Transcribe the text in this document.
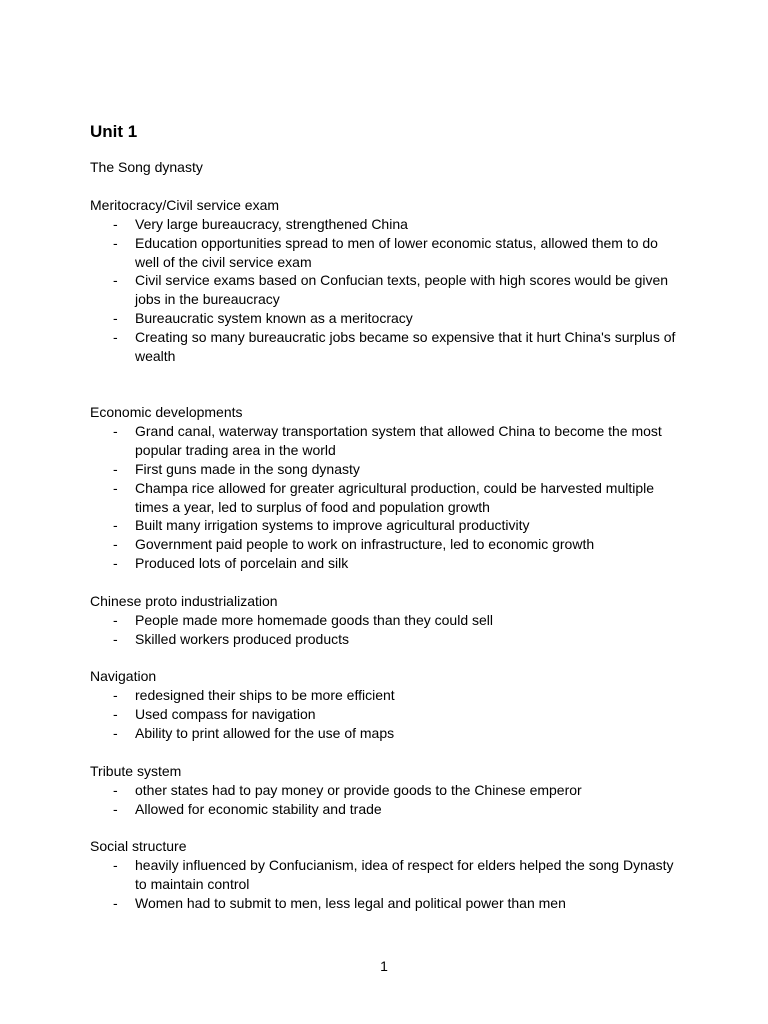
Unit 1
The Song dynasty
Meritocracy/Civil service exam
- Very large bureaucracy, strengthened China
- Education opportunities spread to men of lower economic status, allowed them to do well of the civil service exam
- Civil service exams based on Confucian texts, people with high scores would be given jobs in the bureaucracy
- Bureaucratic system known as a meritocracy
- Creating so many bureaucratic jobs became so expensive that it hurt China's surplus of wealth
Economic developments
- Grand canal, waterway transportation system that allowed China to become the most popular trading area in the world
- First guns made in the song dynasty
- Champa rice allowed for greater agricultural production, could be harvested multiple times a year, led to surplus of food and population growth
- Built many irrigation systems to improve agricultural productivity
- Government paid people to work on infrastructure, led to economic growth
- Produced lots of porcelain and silk
Chinese proto industrialization
- People made more homemade goods than they could sell
- Skilled workers produced products
Navigation
- redesigned their ships to be more efficient
- Used compass for navigation
- Ability to print allowed for the use of maps
Tribute system
- other states had to pay money or provide goods to the Chinese emperor
- Allowed for economic stability and trade
Social structure
- heavily influenced by Confucianism, idea of respect for elders helped the song Dynasty to maintain control
- Women had to submit to men, less legal and political power than men
1
